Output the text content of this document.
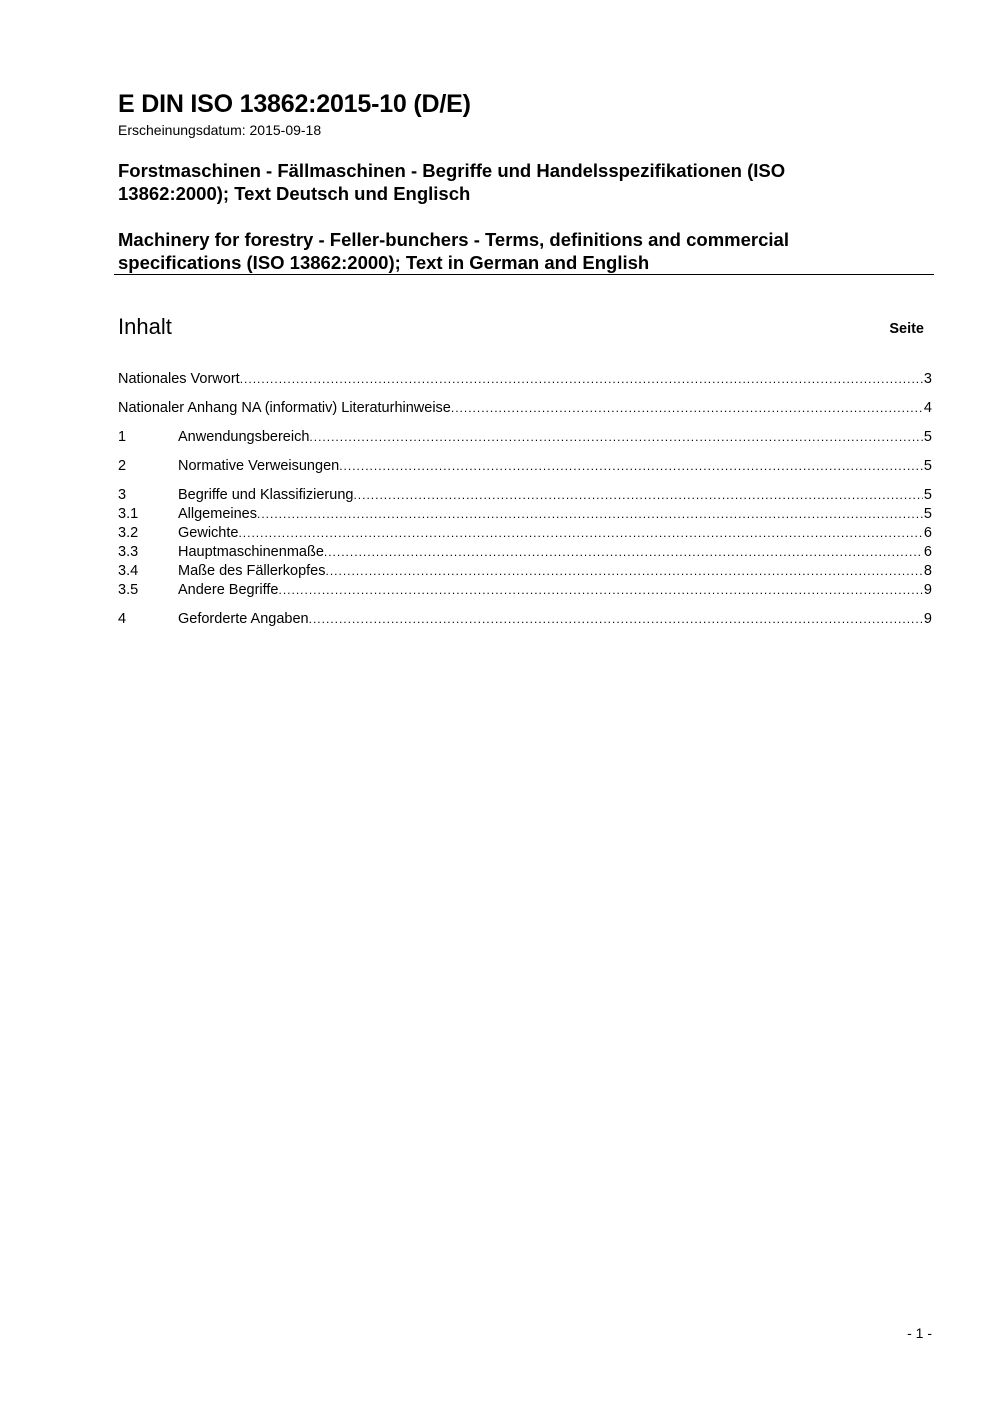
E DIN ISO 13862:2015-10 (D/E)
Erscheinungsdatum: 2015-09-18
Forstmaschinen - Fällmaschinen - Begriffe und Handelsspezifikationen (ISO
13862:2000); Text Deutsch und Englisch
Machinery for forestry - Feller-bunchers - Terms, definitions and commercial
specifications (ISO 13862:2000); Text in German and English
Inhalt	Seite
Nationales Vorwort .....	3
Nationaler Anhang NA (informativ) Literaturhinweise .....	4
1	Anwendungsbereich .....	5
2	Normative Verweisungen .....	5
3	Begriffe und Klassifizierung .....	5
3.1	Allgemeines .....	5
3.2	Gewichte .....	6
3.3	Hauptmaschinenmaße .....	6
3.4	Maße des Fällerkopfes .....	8
3.5	Andere Begriffe .....	9
4	Geforderte Angaben .....	9
- 1 -
